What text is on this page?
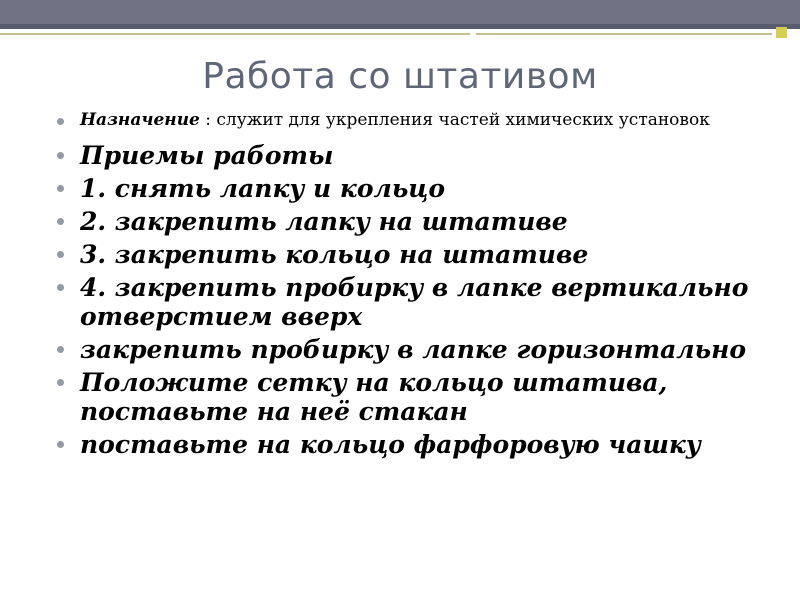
Работа со штативом
Назначение : служит для укрепления частей химических установок
Приемы работы
1. снять лапку и кольцо
2. закрепить лапку на штативе
3. закрепить кольцо на штативе
4. закрепить пробирку в лапке вертикально отверстием вверх
закрепить пробирку в лапке горизонтально
Положите сетку на кольцо штатива, поставьте на неё стакан
поставьте на кольцо фарфоровую чашку
